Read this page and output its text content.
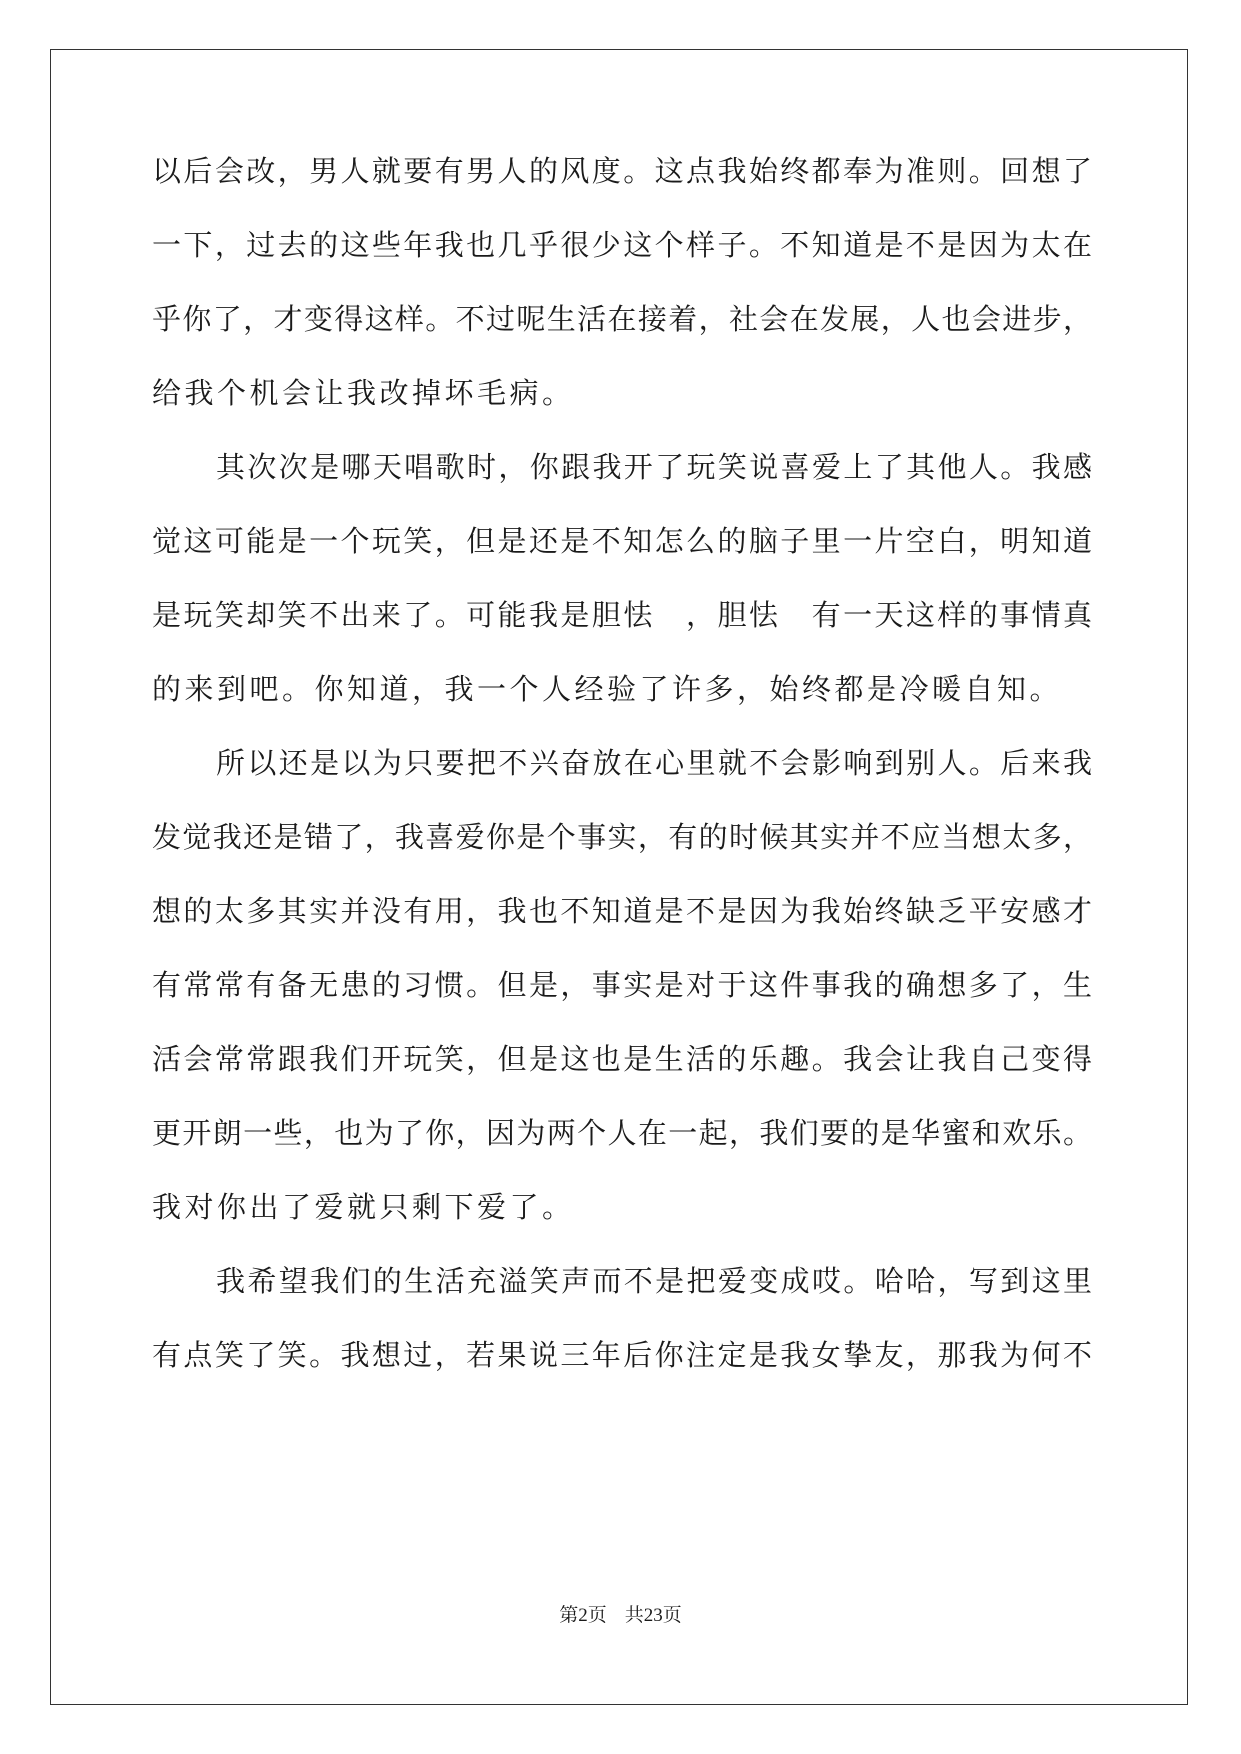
以后会改，男人就要有男人的风度。这点我始终都奉为准则。回想了
一下，过去的这些年我也几乎很少这个样子。不知道是不是因为太在
乎你了，才变得这样。不过呢生活在接着，社会在发展，人也会进步，
给我个机会让我改掉坏毛病。
其次次是哪天唱歌时，你跟我开了玩笑说喜爱上了其他人。我感
觉这可能是一个玩笑，但是还是不知怎么的脑子里一片空白，明知道
是玩笑却笑不出来了。可能我是胆怯　，胆怯　有一天这样的事情真
的来到吧。你知道，我一个人经验了许多，始终都是冷暖自知。
所以还是以为只要把不兴奋放在心里就不会影响到别人。后来我
发觉我还是错了，我喜爱你是个事实，有的时候其实并不应当想太多，
想的太多其实并没有用，我也不知道是不是因为我始终缺乏平安感才
有常常有备无患的习惯。但是，事实是对于这件事我的确想多了，生
活会常常跟我们开玩笑，但是这也是生活的乐趣。我会让我自己变得
更开朗一些，也为了你，因为两个人在一起，我们要的是华蜜和欢乐。
我对你出了爱就只剩下爱了。
我希望我们的生活充溢笑声而不是把爱变成哎。哈哈，写到这里
有点笑了笑。我想过，若果说三年后你注定是我女挚友，那我为何不
第2页 共23页
